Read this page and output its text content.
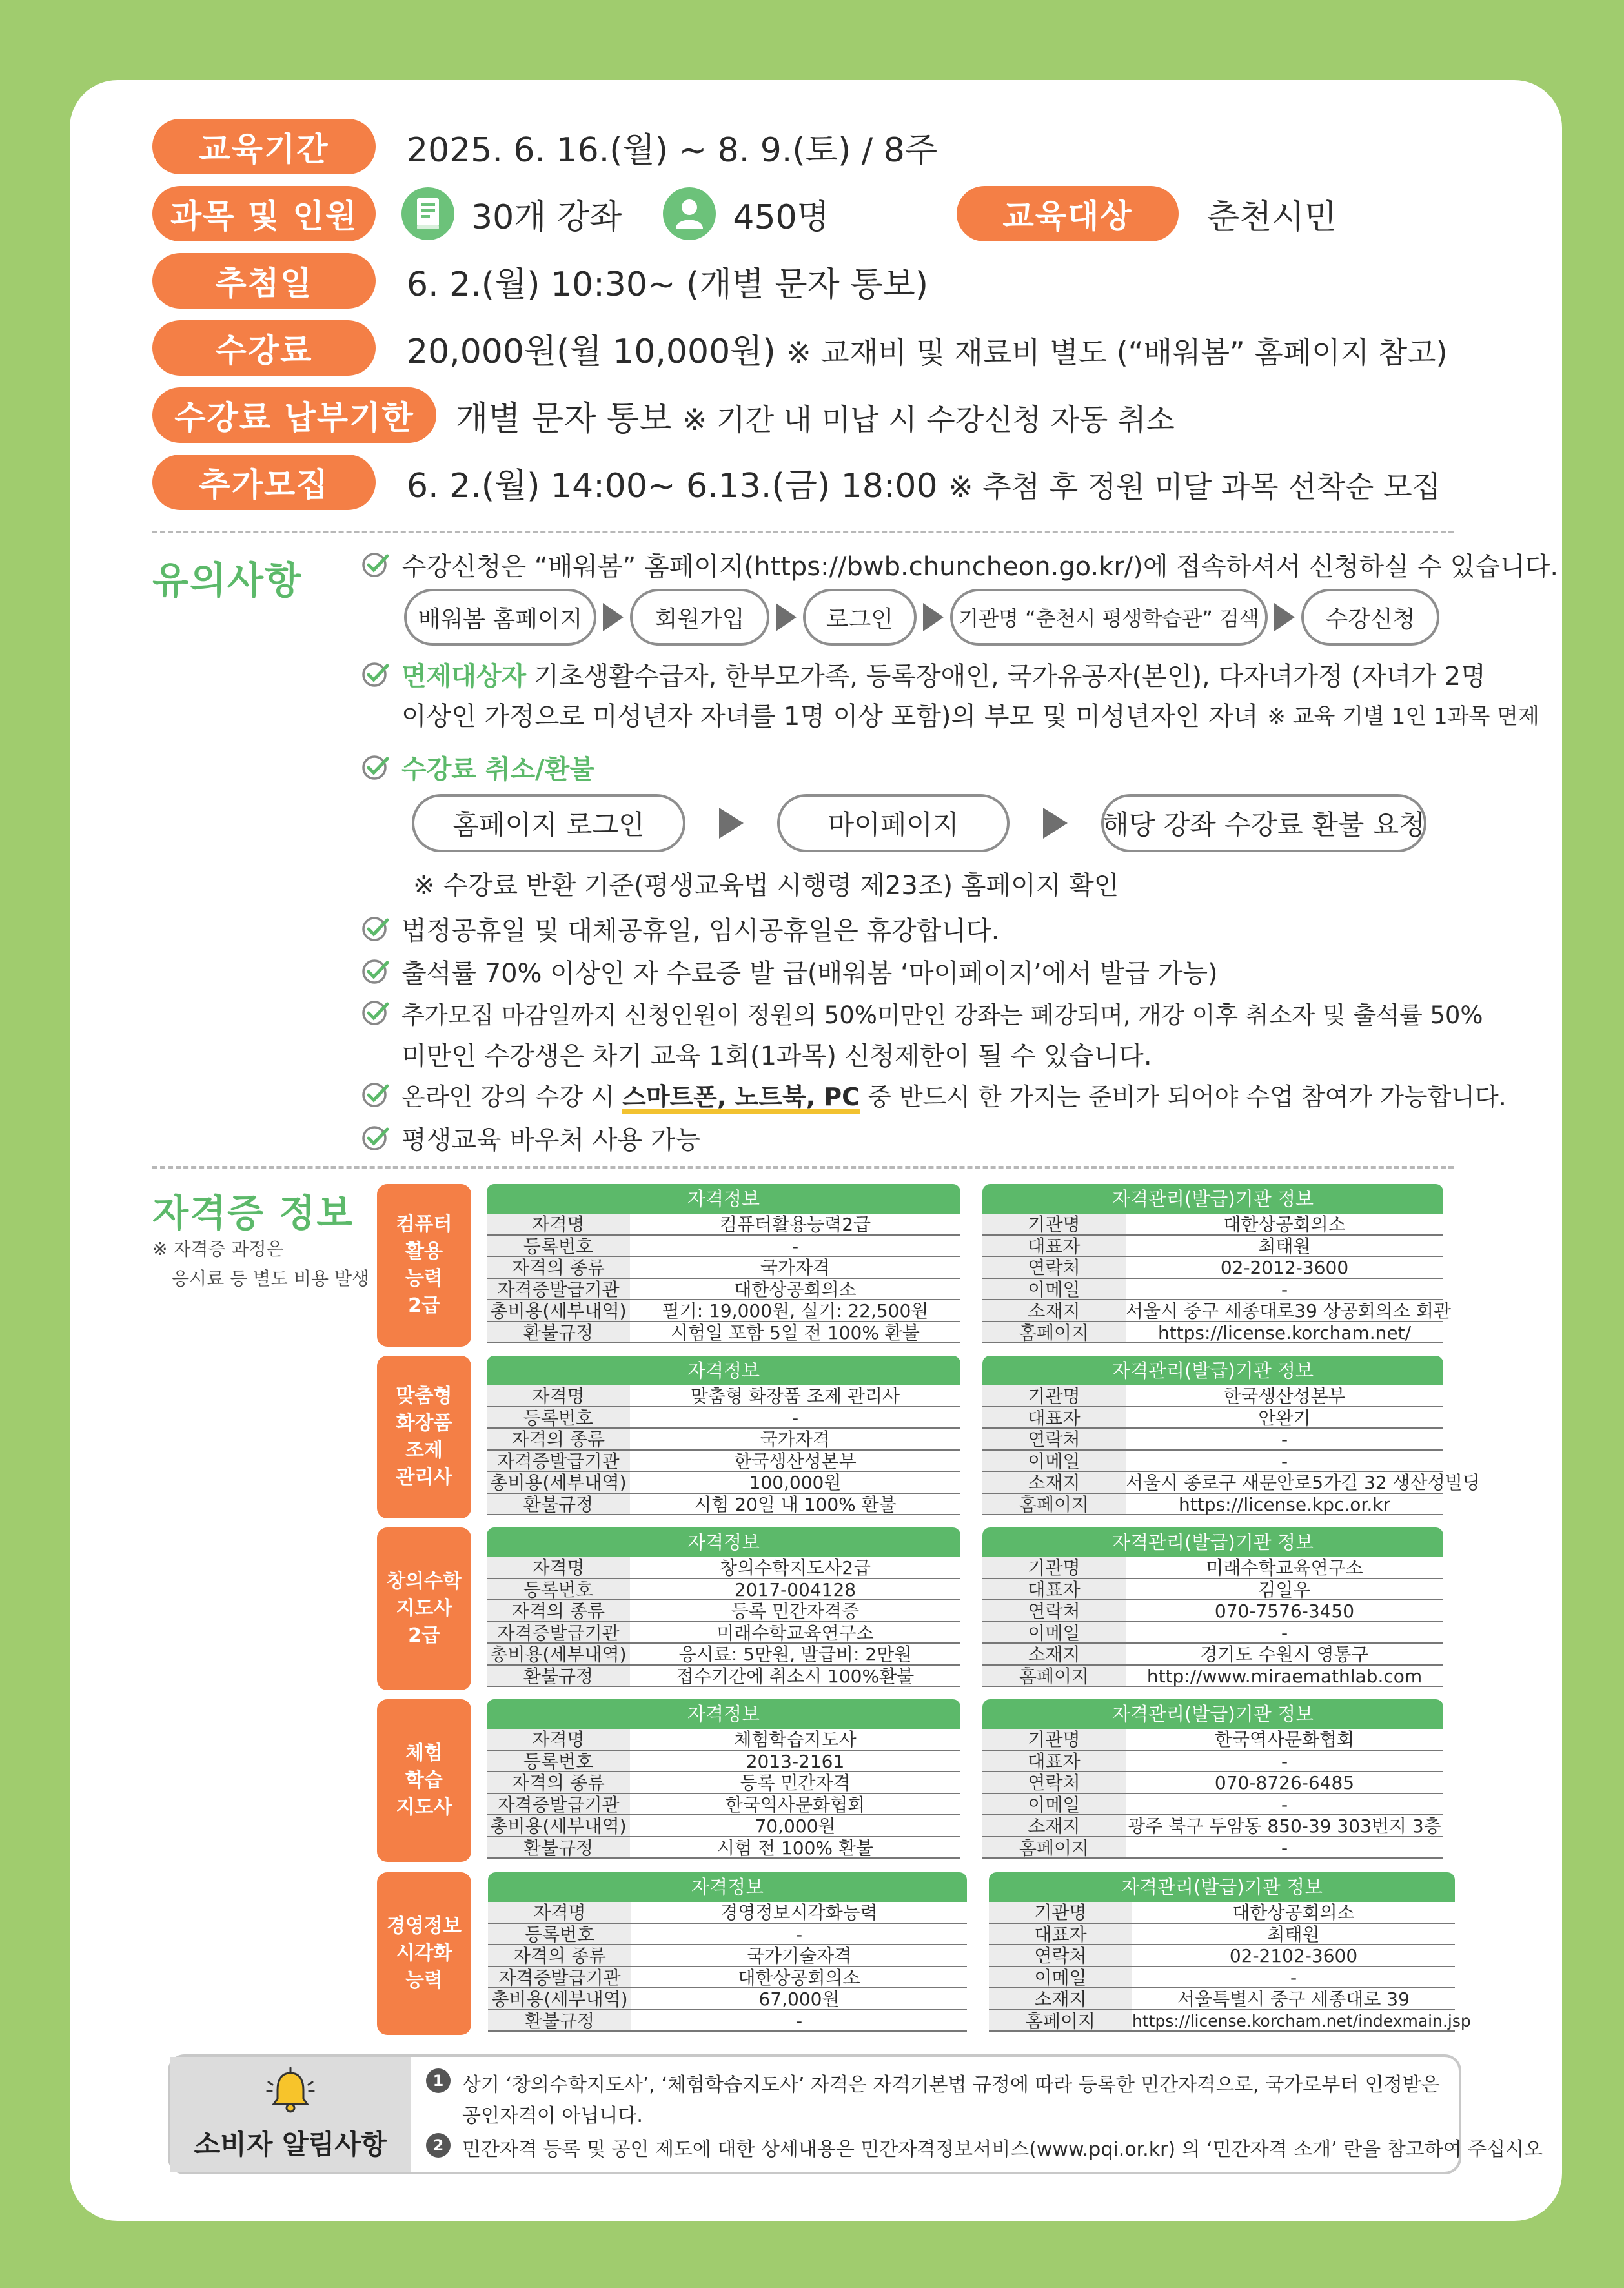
교육기간	2025. 6. 16.(월) ~ 8. 9.(토) / 8주
과목 및 인원	30개 강좌	450명	교육대상	춘천시민
추첨일	6. 2.(월) 10:30~ (개별 문자 통보)
수강료	20,000원(월 10,000원) ※ 교재비 및 재료비 별도 (“배워봄” 홈페이지 참고)
수강료 납부기한	개별 문자 통보 ※ 기간 내 미납 시 수강신청 자동 취소
추가모집	6. 2.(월) 14:00~ 6.13.(금) 18:00 ※ 추첨 후 정원 미달 과목 선착순 모집
유의사항	수강신청은 “배워봄” 홈페이지(https://bwb.chuncheon.go.kr/)에 접속하셔서 신청하실 수 있습니다.
배워봄 홈페이지	회원가입	로그인	기관명 “춘천시 평생학습관” 검색	수강신청
면제대상자 기초생활수급자, 한부모가족, 등록장애인, 국가유공자(본인), 다자녀가정 (자녀가 2명
이상인 가정으로 미성년자 자녀를 1명 이상 포함)의 부모 및 미성년자인 자녀 ※ 교육 기별 1인 1과목 면제
수강료 취소/환불
홈페이지 로그인	마이페이지	해당 강좌 수강료 환불 요청
※ 수강료 반환 기준(평생교육법 시행령 제23조) 홈페이지 확인
법정공휴일 및 대체공휴일, 임시공휴일은 휴강합니다.
출석률 70% 이상인 자 수료증 발 급(배워봄 ‘마이페이지’에서 발급 가능)
추가모집 마감일까지 신청인원이 정원의 50%미만인 강좌는 폐강되며, 개강 이후 취소자 및 출석률 50%
미만인 수강생은 차기 교육 1회(1과목) 신청제한이 될 수 있습니다.
온라인 강의 수강 시 스마트폰, 노트북, PC 중 반드시 한 가지는 준비가 되어야 수업 참여가 가능합니다.
평생교육 바우처 사용 가능
자격증 정보
※ 자격증 과정은
응시료 등 별도 비용 발생
컴퓨터
활용
능력
2급
자격정보
자격명	컴퓨터활용능력2급
등록번호	-
자격의 종류	국가자격
자격증발급기관	대한상공회의소
총비용(세부내역)	필기: 19,000원, 실기: 22,500원
환불규정	시험일 포함 5일 전 100% 환불
자격관리(발급)기관 정보
기관명	대한상공회의소
대표자	최태원
연락처	02-2012-3600
이메일	-
소재지	서울시 중구 세종대로39 상공회의소 회관
홈페이지	https://license.korcham.net/
맞춤형
화장품
조제
관리사
자격정보
자격명	맞춤형 화장품 조제 관리사
등록번호	-
자격의 종류	국가자격
자격증발급기관	한국생산성본부
총비용(세부내역)	100,000원
환불규정	시험 20일 내 100% 환불
자격관리(발급)기관 정보
기관명	한국생산성본부
대표자	안완기
연락처	-
이메일	-
소재지	서울시 종로구 새문안로5가길 32 생산성빌딩
홈페이지	https://license.kpc.or.kr
창의수학
지도사
2급
자격정보
자격명	창의수학지도사2급
등록번호	2017-004128
자격의 종류	등록 민간자격증
자격증발급기관	미래수학교육연구소
총비용(세부내역)	응시료: 5만원, 발급비: 2만원
환불규정	접수기간에 취소시 100%환불
자격관리(발급)기관 정보
기관명	미래수학교육연구소
대표자	김일우
연락처	070-7576-3450
이메일	-
소재지	경기도 수원시 영통구
홈페이지	http://www.miraemathlab.com
체험
학습
지도사
자격정보
자격명	체험학습지도사
등록번호	2013-2161
자격의 종류	등록 민간자격
자격증발급기관	한국역사문화협회
총비용(세부내역)	70,000원
환불규정	시험 전 100% 환불
자격관리(발급)기관 정보
기관명	한국역사문화협회
대표자	-
연락처	070-8726-6485
이메일	-
소재지	광주 북구 두암동 850-39 303번지 3층
홈페이지	-
경영정보
시각화
능력
자격정보
자격명	경영정보시각화능력
등록번호	-
자격의 종류	국가기술자격
자격증발급기관	대한상공회의소
총비용(세부내역)	67,000원
환불규정	-
자격관리(발급)기관 정보
기관명	대한상공회의소
대표자	최태원
연락처	02-2102-3600
이메일	-
소재지	서울특별시 중구 세종대로 39
홈페이지	https://license.korcham.net/indexmain.jsp
소비자 알림사항
1 상기 ‘창의수학지도사’, ‘체험학습지도사’ 자격은 자격기본법 규정에 따라 등록한 민간자격으로, 국가로부터 인정받은
공인자격이 아닙니다.
2 민간자격 등록 및 공인 제도에 대한 상세내용은 민간자격정보서비스(www.pqi.or.kr) 의 ‘민간자격 소개’ 란을 참고하여 주십시오
